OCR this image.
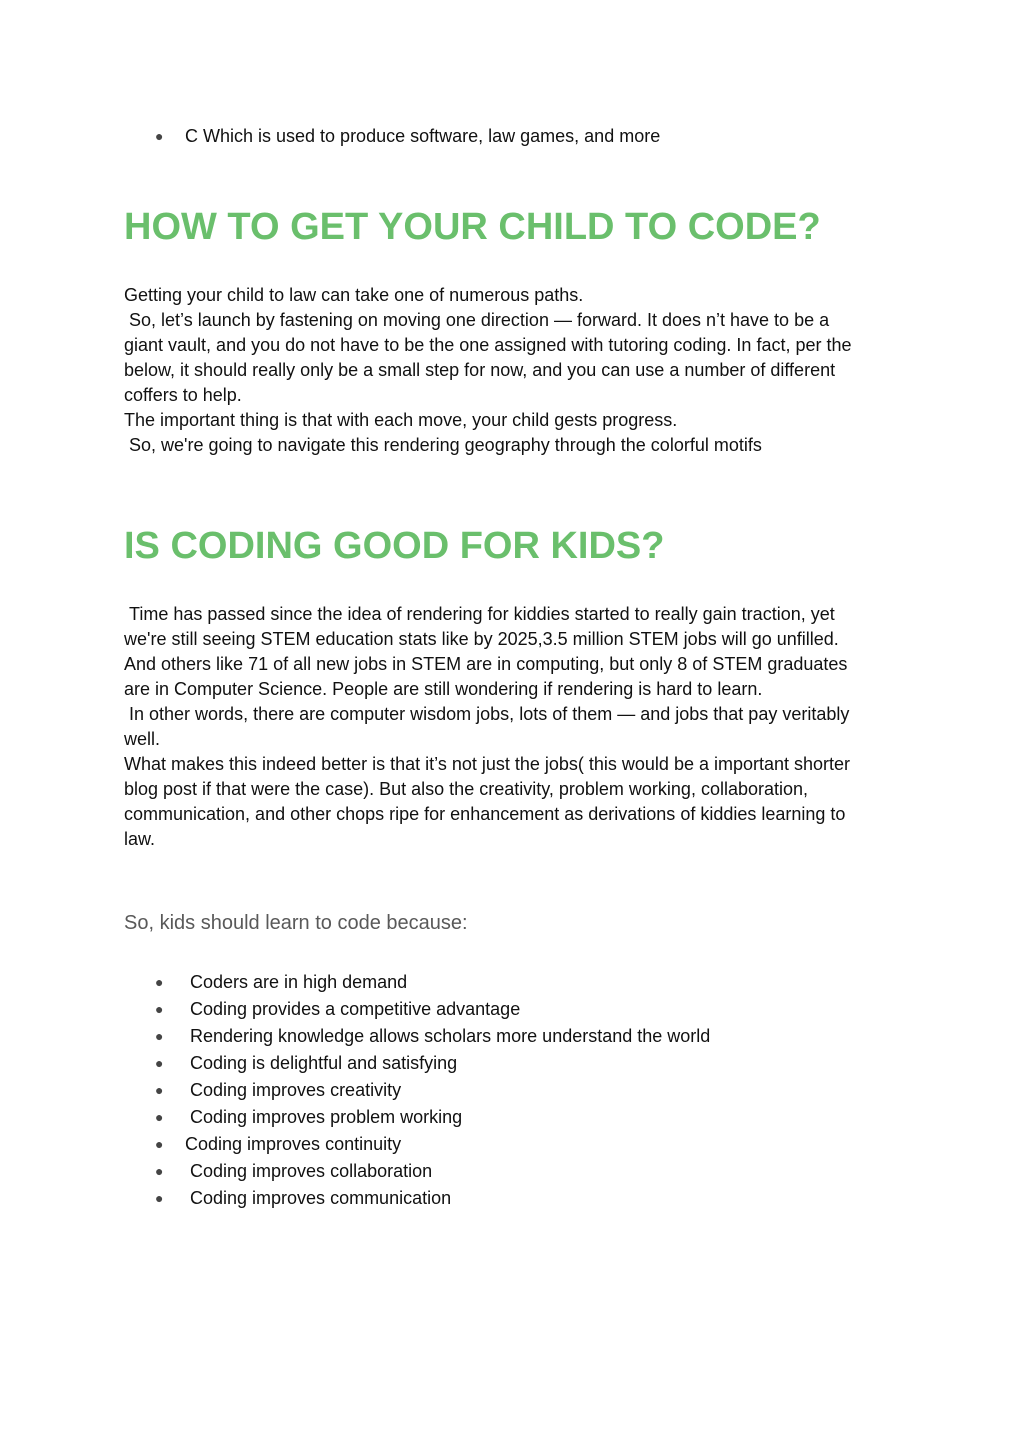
● C Which is used to produce software, law games, and more
HOW TO GET YOUR CHILD TO CODE?

Getting your child to law can take one of numerous paths.

So, let’s launch by fastening on moving one direction — forward. It does n’t have to be a

giant vault, and you do not have to be the one assigned with tutoring coding. In fact, per the

below, it should really only be a small step for now, and you can use a number of different

coffers to help.

The important thing is that with each move, your child gests progress.

So, we're going to navigate this rendering geography through the colorful motifs

IS CODING GOOD FOR KIDS?

Time has passed since the idea of rendering for kiddies started to really gain traction, yet

we're still seeing STEM education stats like by 2025,3.5 million STEM jobs will go unfilled.

And others like 71 of all new jobs in STEM are in computing, but only 8 of STEM graduates

are in Computer Science. People are still wondering if rendering is hard to learn.

In other words, there are computer wisdom jobs, lots of them — and jobs that pay veritably

well.

What makes this indeed better is that it’s not just the jobs( this would be a important shorter

blog post if that were the case). But also the creativity, problem working, collaboration,

communication, and other chops ripe for enhancement as derivations of kiddies learning to

law.

So, kids should learn to code because:
● Coders are in high demand
● Coding provides a competitive advantage
● Rendering knowledge allows scholars more understand the world
● Coding is delightful and satisfying
● Coding improves creativity
● Coding improves problem working
● Coding improves continuity
● Coding improves collaboration
● Coding improves communication
